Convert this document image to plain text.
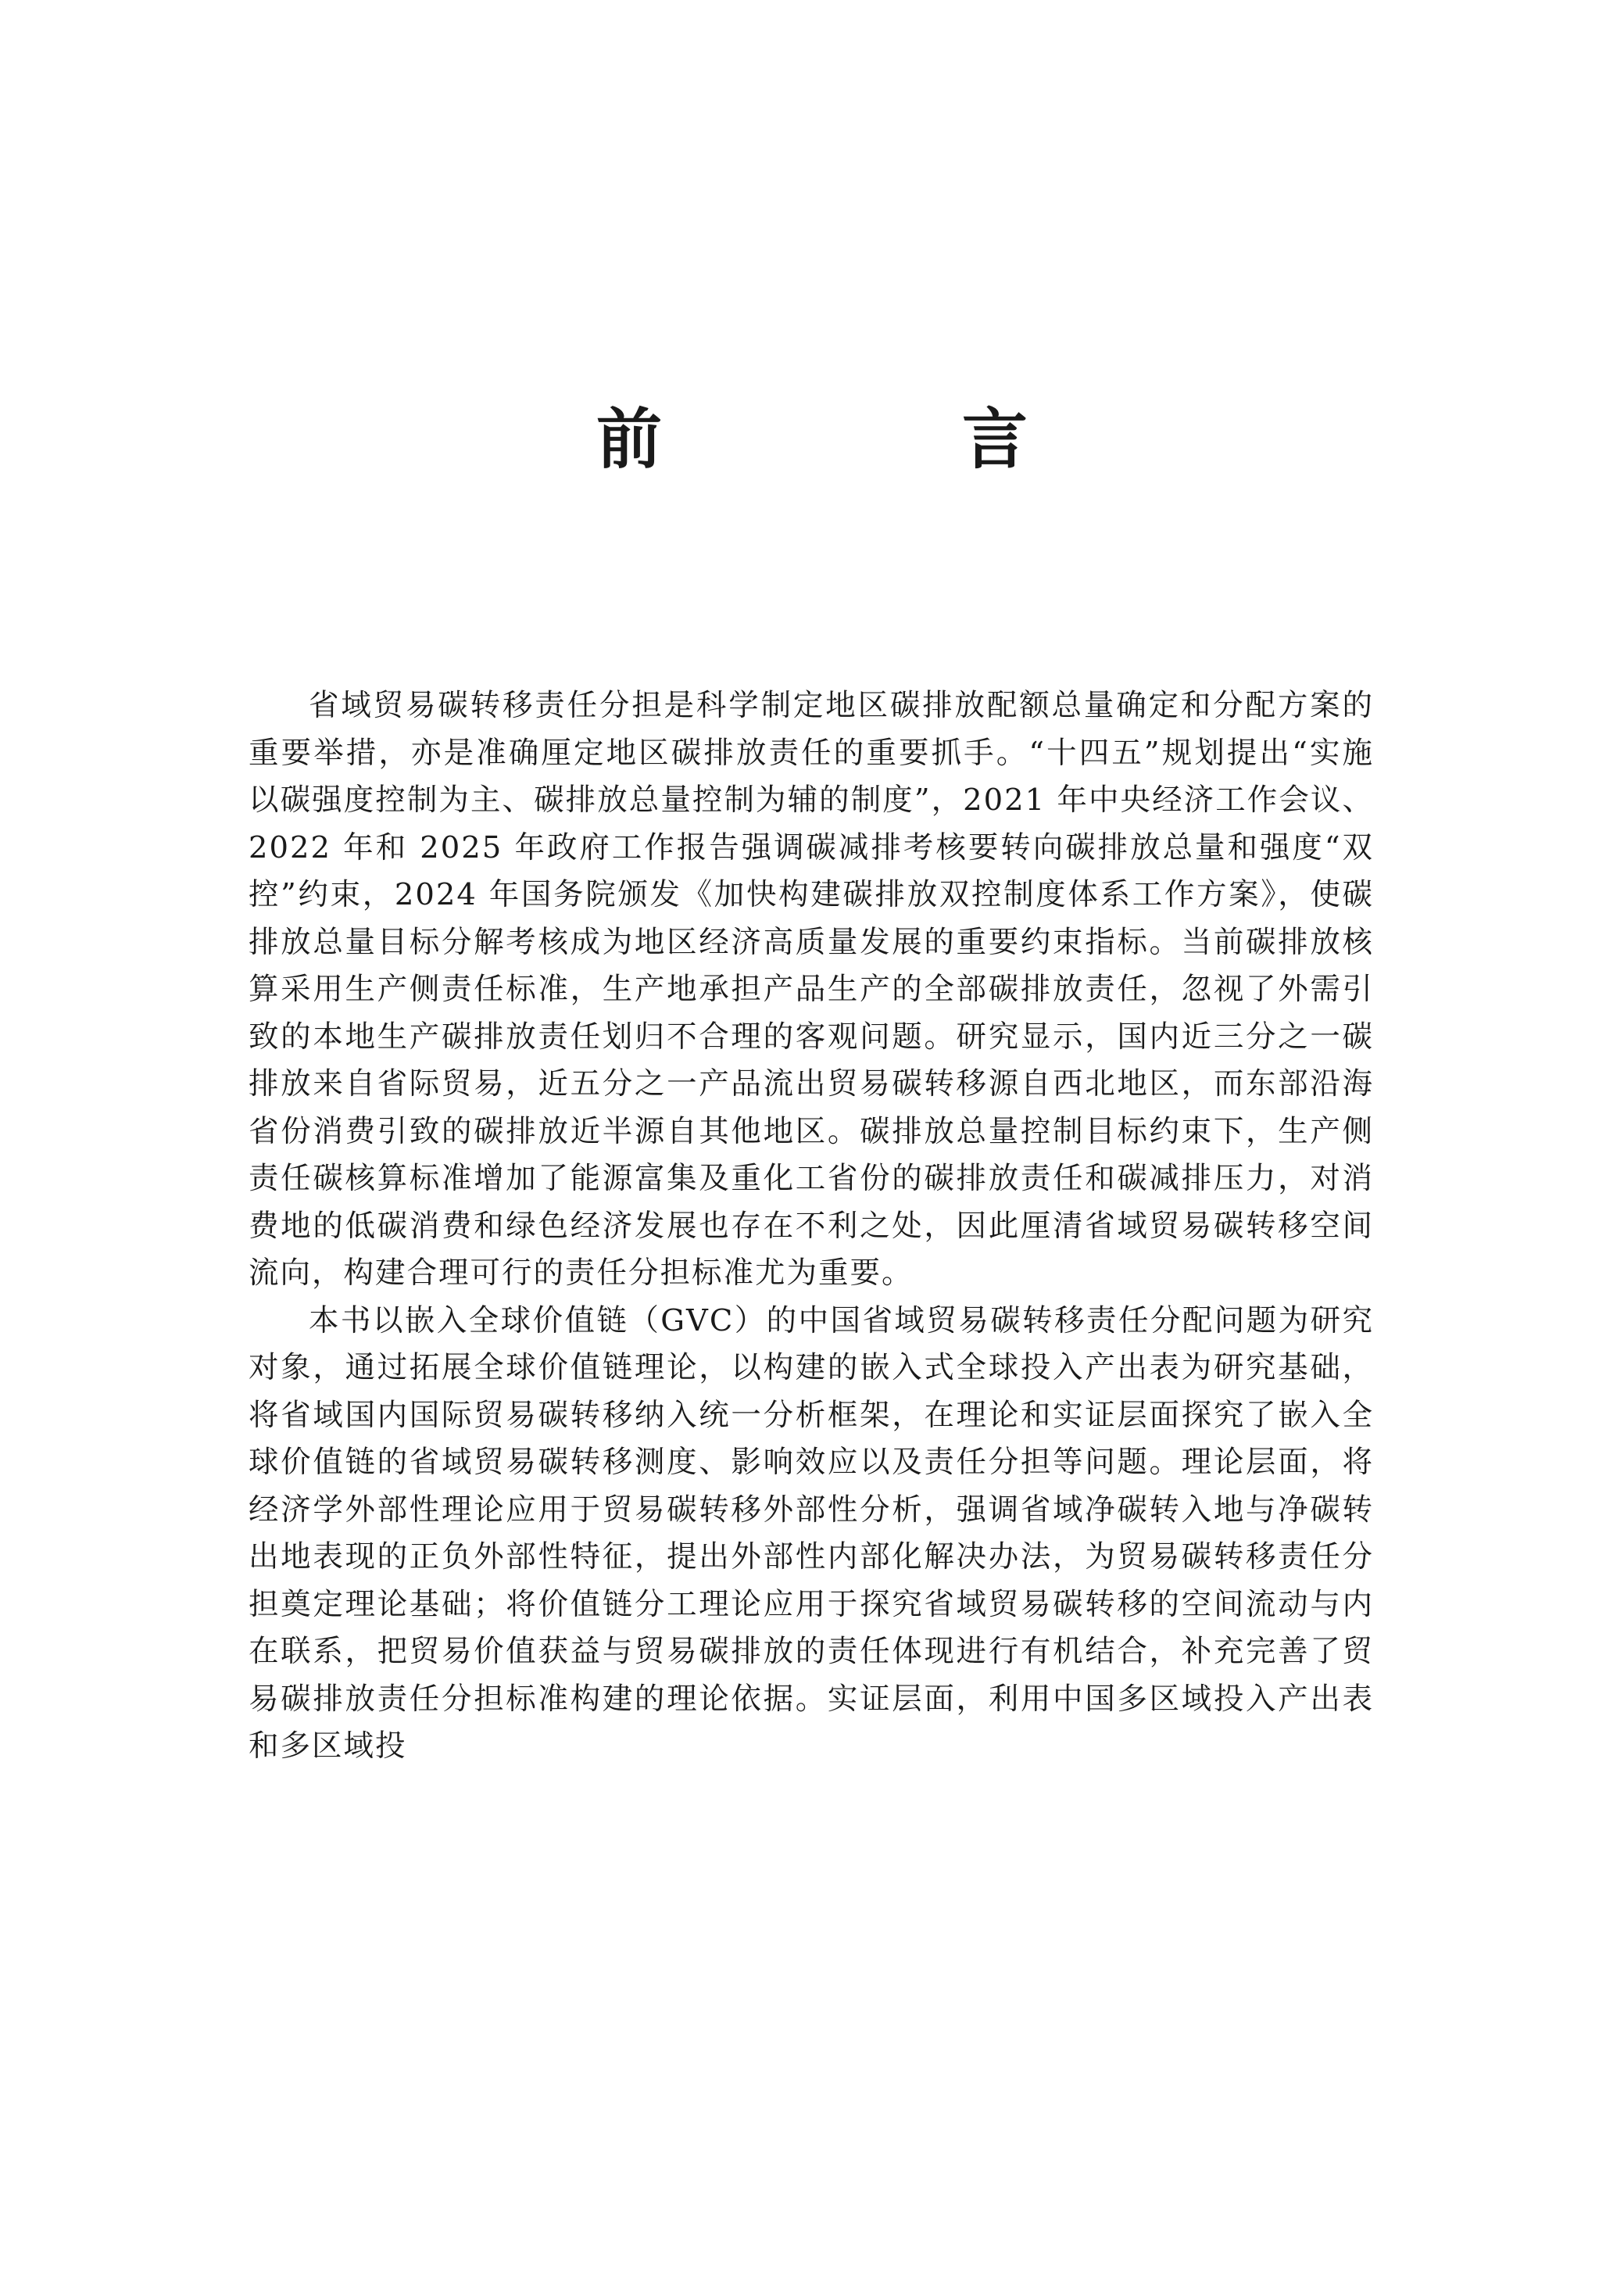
前　言

省域贸易碳转移责任分担是科学制定地区碳排放配额总量确定和分配方案的重要举措，亦是准确厘定地区碳排放责任的重要抓手。“十四五”规划提出“实施以碳强度控制为主、碳排放总量控制为辅的制度”，2021 年中央经济工作会议、2022 年和 2025 年政府工作报告强调碳减排考核要转向碳排放总量和强度“双控”约束，2024 年国务院颁发《加快构建碳排放双控制度体系工作方案》，使碳排放总量目标分解考核成为地区经济高质量发展的重要约束指标。当前碳排放核算采用生产侧责任标准，生产地承担产品生产的全部碳排放责任，忽视了外需引致的本地生产碳排放责任划归不合理的客观问题。研究显示，国内近三分之一碳排放来自省际贸易，近五分之一产品流出贸易碳转移源自西北地区，而东部沿海省份消费引致的碳排放近半源自其他地区。碳排放总量控制目标约束下，生产侧责任碳核算标准增加了能源富集及重化工省份的碳排放责任和碳减排压力，对消费地的低碳消费和绿色经济发展也存在不利之处，因此厘清省域贸易碳转移空间流向，构建合理可行的责任分担标准尤为重要。

本书以嵌入全球价值链（GVC）的中国省域贸易碳转移责任分配问题为研究对象，通过拓展全球价值链理论，以构建的嵌入式全球投入产出表为研究基础，将省域国内国际贸易碳转移纳入统一分析框架，在理论和实证层面探究了嵌入全球价值链的省域贸易碳转移测度、影响效应以及责任分担等问题。理论层面，将经济学外部性理论应用于贸易碳转移外部性分析，强调省域净碳转入地与净碳转出地表现的正负外部性特征，提出外部性内部化解决办法，为贸易碳转移责任分担奠定理论基础；将价值链分工理论应用于探究省域贸易碳转移的空间流动与内在联系，把贸易价值获益与贸易碳排放的责任体现进行有机结合，补充完善了贸易碳排放责任分担标准构建的理论依据。实证层面，利用中国多区域投入产出表和多区域投
